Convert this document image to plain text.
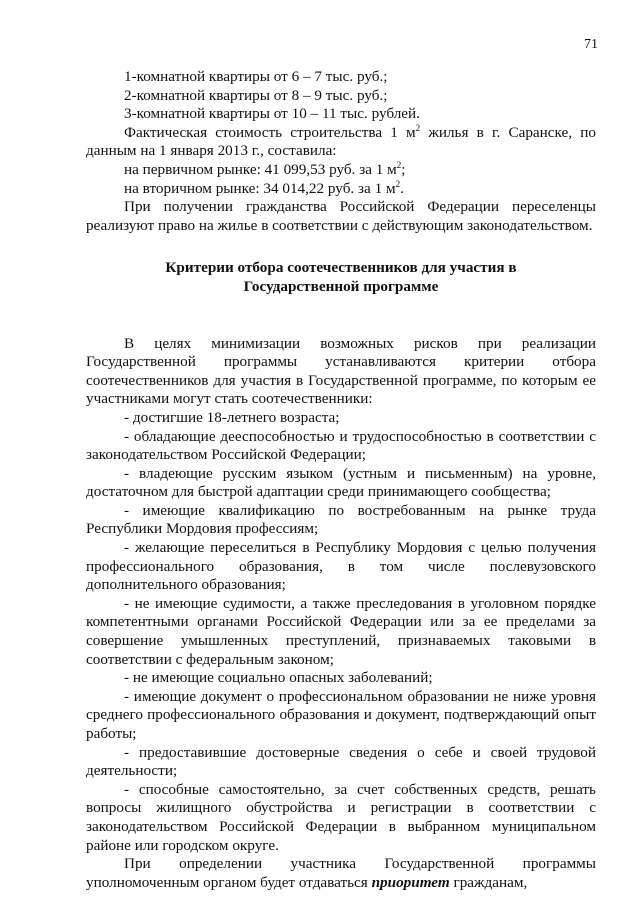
71

1-комнатной квартиры от 6 – 7 тыс. руб.;

2-комнатной квартиры от 8 – 9 тыс. руб.;

3-комнатной квартиры от 10 – 11 тыс. рублей.

Фактическая стоимость строительства 1 $м^2$ жилья в г. Саранске, по данным на 1 января 2013 г., составила:

на первичном рынке: 41 099,53 руб. за 1 $м^2$;

на вторичном рынке: 34 014,22 руб. за 1 $м^2$.

При получении гражданства Российской Федерации переселенцы реализуют право на жилье в соответствии с действующим законодательством.

Критерии отбора соотечественников для участия в Государственной программе

В целях минимизации возможных рисков при реализации Государственной программы устанавливаются критерии отбора соотечественников для участия в Государственной программе, по которым ее участниками могут стать соотечественники:

- достигшие 18-летнего возраста;

- обладающие дееспособностью и трудоспособностью в соответствии с законодательством Российской Федерации;

- владеющие русским языком (устным и письменным) на уровне, достаточном для быстрой адаптации среди принимающего сообщества;

- имеющие квалификацию по востребованным на рынке труда Республики Мордовия профессиям;

- желающие переселиться в Республику Мордовия с целью получения профессионального образования, в том числе послевузовского дополнительного образования;

- не имеющие судимости, а также преследования в уголовном порядке компетентными органами Российской Федерации или за ее пределами за совершение умышленных преступлений, признаваемых таковыми в соответствии с федеральным законом;

- не имеющие социально опасных заболеваний;

- имеющие документ о профессиональном образовании не ниже уровня среднего профессионального образования и документ, подтверждающий опыт работы;

- предоставившие достоверные сведения о себе и своей трудовой деятельности;

- способные самостоятельно, за счет собственных средств, решать вопросы жилищного обустройства и регистрации в соответствии с законодательством Российской Федерации в выбранном муниципальном районе или городском округе.

При определении участника Государственной программы уполномоченным органом будет отдаваться приоритет гражданам,
